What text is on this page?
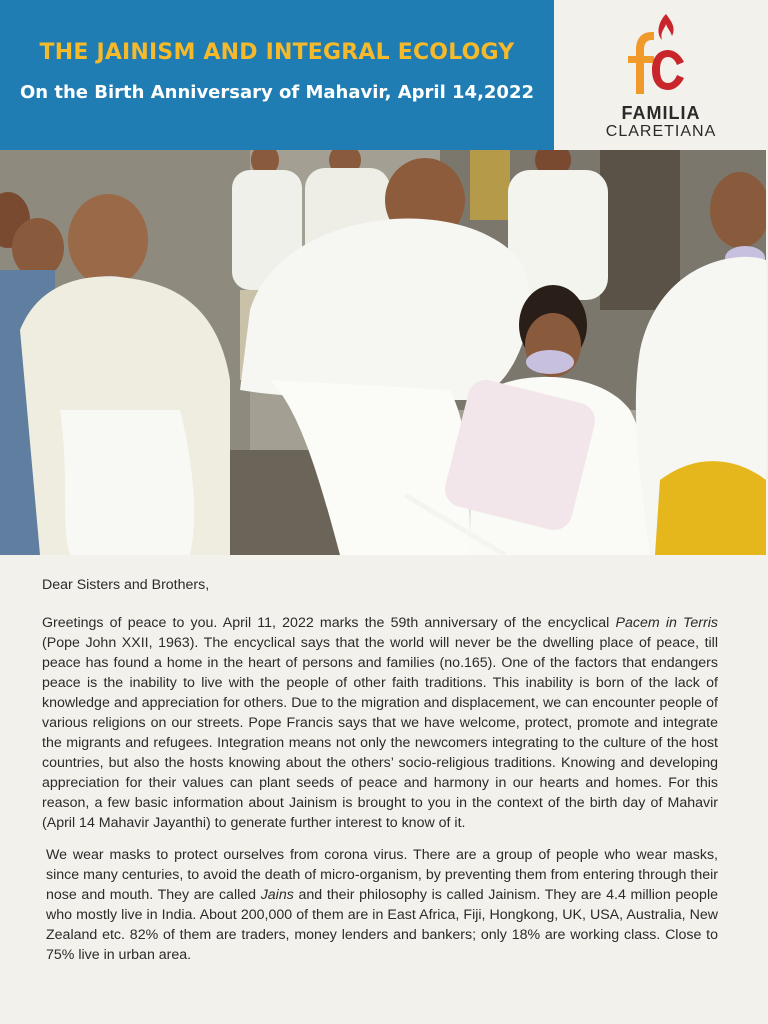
THE JAINISM AND INTEGRAL ECOLOGY
On the Birth Anniversary of Mahavir, April 14,2022
FAMILIA
CLARETIANA

Dear Sisters and Brothers,

Greetings of peace to you. April 11, 2022 marks the 59th anniversary of the encyclical Pacem in Terris (Pope John XXII, 1963). The encyclical says that the world will never be the dwelling place of peace, till peace has found a home in the heart of persons and families (no.165). One of the factors that endangers peace is the inability to live with the people of other faith traditions. This inability is born of the lack of knowledge and appreciation for others. Due to the migration and displacement, we can encounter people of various religions on our streets. Pope Francis says that we have welcome, protect, promote and integrate the migrants and refugees. Integration means not only the newcomers integrating to the culture of the host countries, but also the hosts knowing about the others’ socio-religious traditions. Knowing and developing appreciation for their values can plant seeds of peace and harmony in our hearts and homes. For this reason, a few basic information about Jainism is brought to you in the context of the birth day of Mahavir (April 14 Mahavir Jayanthi) to generate further interest to know of it.

We wear masks to protect ourselves from corona virus. There are a group of people who wear masks, since many centuries, to avoid the death of micro-organism, by preventing them from entering through their nose and mouth. They are called Jains and their philosophy is called Jainism. They are 4.4 million people who mostly live in India. About 200,000 of them are in East Africa, Fiji, Hongkong, UK, USA, Australia, New Zealand etc. 82% of them are traders, money lenders and bankers; only 18% are working class. Close to 75% live in urban area.
